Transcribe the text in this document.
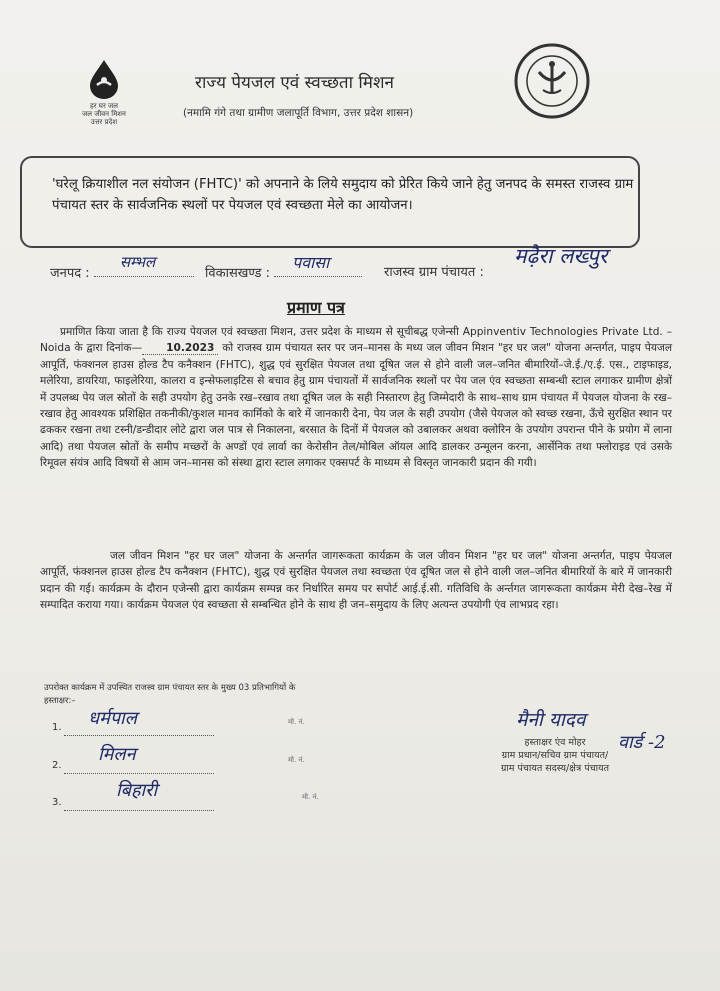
हर घर जल
जल जीवन मिशन
उत्तर प्रदेश
राज्य पेयजल एवं स्वच्छता मिशन
(नमामि गंगे तथा ग्रामीण जलापूर्ति विभाग, उत्तर प्रदेश शासन)
'घरेलू क्रियाशील नल संयोजन (FHTC)' को अपनाने के लिये समुदाय को प्रेरित किये जाने हेतु जनपद के समस्त राजस्व ग्राम पंचायत स्तर के सार्वजनिक स्थलों पर पेयजल एवं स्वच्छता मेले का आयोजन।
जनपद :
सम्भल
विकासखण्ड :
पवासा
राजस्व ग्राम पंचायत :
मढ़ैरा लख्पुर
प्रमाण पत्र
प्रमाणित किया जाता है कि राज्य पेयजल एवं स्वच्छता मिशन, उत्तर प्रदेश के माध्यम से सूचीबद्ध एजेन्सी Appinventiv Technologies Private Ltd. – Noida के द्वारा दिनांक— 10.2023 को राजस्व ग्राम पंचायत स्तर पर जन–मानस के मध्य जल जीवन मिशन "हर घर जल" योजना अन्तर्गत, पाइप पेयजल आपूर्ति, फंक्शनल हाउस होल्ड टैप कनैक्शन (FHTC), शुद्ध एवं सुरक्षित पेयजल तथा दूषित जल से होने वाली जल–जनित बीमारियों–जे.ई./ए.ई. एस., टाइफाइड, मलेरिया, डायरिया, फाइलेरिया, कालरा व इन्सेफलाइटिस से बचाव हेतु ग्राम पंचायतों में सार्वजनिक स्थलों पर पेय जल एंव स्वच्छता सम्बन्धी स्टाल लगाकर ग्रामीण क्षेत्रों में उपलब्ध पेय जल स्रोतों के सही उपयोग हेतु उनके रख–रखाव तथा दूषित जल के सही निस्तारण हेतु जिम्मेदारी के साथ–साथ ग्राम पंचायत में पेयजल योजना के रख–रखाव हेतु आवश्यक प्रशिक्षित तकनीकी/कुशल मानव कार्मिको के बारे में जानकारी देना, पेय जल के सही उपयोग (जैसे पेयजल को स्वच्छ रखना, ऊँचे सुरक्षित स्थान पर ढककर रखना तथा टस्नी/डन्डीदार लोटे द्वारा जल पात्र से निकालना, बरसात के दिनों में पेयजल को उबालकर अथवा क्लोरिन के उपयोग उपरान्त पीने के प्रयोग में लाना आदि) तथा पेयजल स्रोतों के समीप मच्छरों के अण्डों एवं लार्वा का केरोसीन तेल/मोबिल ऑयल आदि डालकर उन्मूलन करना, आर्सेनिक तथा फ्लोराइड एवं उसके रिमूवल संयंत्र आदि विषयों से आम जन–मानस को संस्था द्वारा स्टाल लगाकर एक्सपर्ट के माध्यम से विस्तृत जानकारी प्रदान की गयी।
जल जीवन मिशन "हर घर जल" योजना के अन्तर्गत जागरूकता कार्यक्रम के जल जीवन मिशन "हर घर जल" योजना अन्तर्गत, पाइप पेयजल आपूर्ति, फंक्शनल हाउस होल्ड टैप कनैक्शन (FHTC), शुद्ध एवं सुरक्षित पेयजल तथा स्वच्छता एंव दूषित जल से होने वाली जल–जनित बीमारियों के बारे में जानकारी प्रदान की गई। कार्यक्रम के दौरान एजेन्सी द्वारा कार्यक्रम सम्पन्न कर निर्धारित समय पर सपोर्ट आई.ई.सी. गतिविधि के अर्न्तगत जागरूकता कार्यक्रम मेरी देख–रेख में सम्पादित कराया गया। कार्यक्रम पेयजल एंव स्वच्छता से सम्बन्धित होने के साथ ही जन–समुदाय के लिए अत्यन्त उपयोगी एंव लाभप्रद रहा।
उपरोक्त कार्यक्रम में उपस्थित राजस्व ग्राम पंचायत स्तर के मुख्य 03 प्रतिभागियों के
हस्ताक्षर:–
1. धर्मपाल	मो. नं.
2.
मिलन	मो. नं.
3.
बिहारी	मो. नं.
मैनी यादव
वार्ड -2
हस्ताक्षर एंव मोहर
ग्राम प्रधान/सचिव ग्राम पंचायत/
ग्राम पंचायत सदस्य/क्षेत्र पंचायत
